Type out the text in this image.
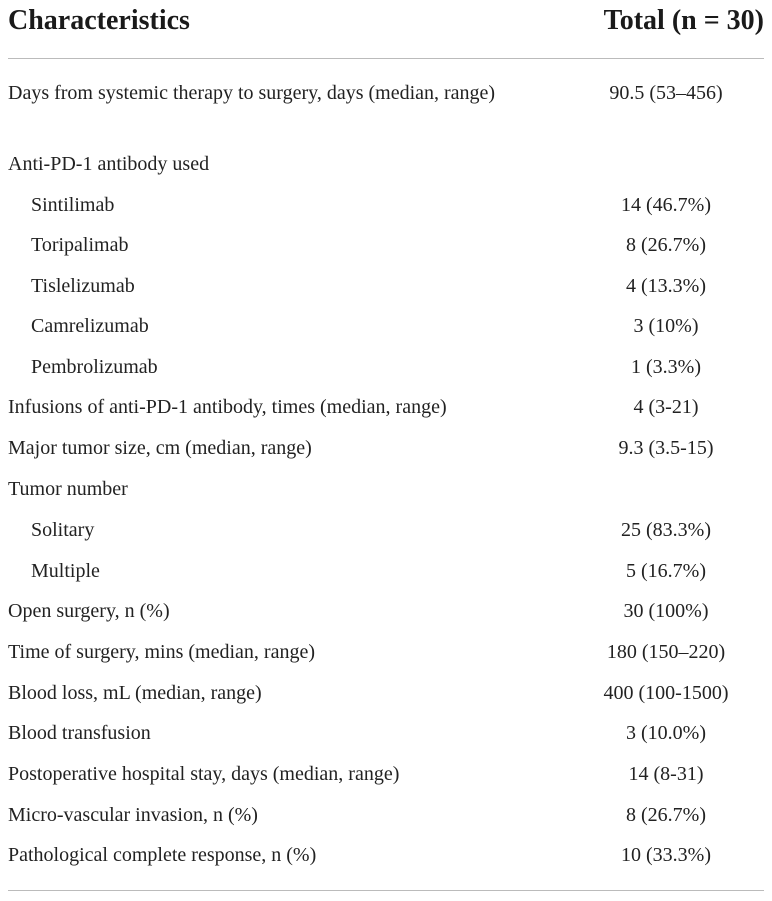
Characteristics	Total (n = 30)
Days from systemic therapy to surgery, days (median, range)	90.5 (53–456)
Anti-PD-1 antibody used
Sintilimab	14 (46.7%)
Toripalimab	8 (26.7%)
Tislelizumab	4 (13.3%)
Camrelizumab	3 (10%)
Pembrolizumab	1 (3.3%)
Infusions of anti-PD-1 antibody, times (median, range)	4 (3-21)
Major tumor size, cm (median, range)	9.3 (3.5-15)
Tumor number
Solitary	25 (83.3%)
Multiple	5 (16.7%)
Open surgery, n (%)	30 (100%)
Time of surgery, mins (median, range)	180 (150–220)
Blood loss, mL (median, range)	400 (100-1500)
Blood transfusion	3 (10.0%)
Postoperative hospital stay, days (median, range)	14 (8-31)
Micro-vascular invasion, n (%)	8 (26.7%)
Pathological complete response, n (%)	10 (33.3%)
